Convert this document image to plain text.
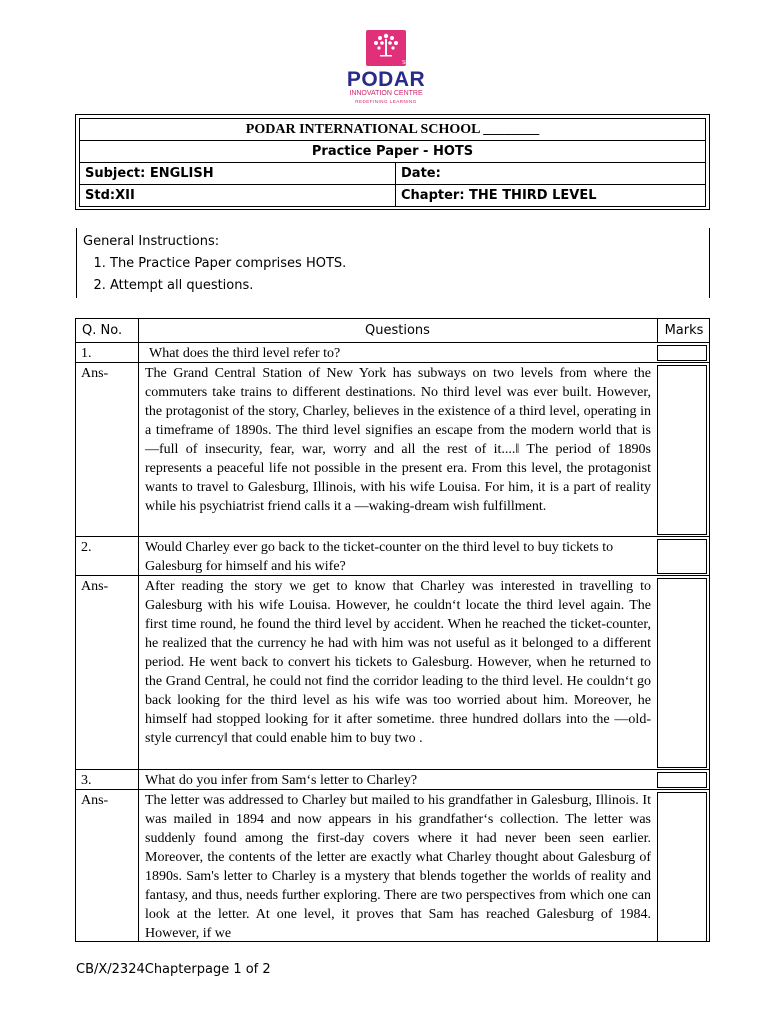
Since 1927
PODAR
INNOVATION CENTRE
REDEFINING LEARNING
PODAR INTERNATIONAL SCHOOL ________	
Practice Paper - HOTS	
Subject: ENGLISH	Date:
Std:XII	Chapter: THE THIRD LEVEL
General Instructions:
1. The Practice Paper comprises HOTS.
2. Attempt all questions.
Q. No.	Questions	Marks
1.	What does the third level refer to?
Ans-	The Grand Central Station of New York has subways on two levels from where the commuters take trains to different destinations. No third level was ever built. However, the protagonist of the story, Charley, believes in the existence of a third level, operating in a timeframe of 1890s. The third level signifies an escape from the modern world that is ―full of insecurity, fear, war, worry and all the rest of it....‖ The period of 1890s represents a peaceful life not possible in the present era. From this level, the protagonist wants to travel to Galesburg, Illinois, with his wife Louisa. For him, it is a part of reality while his psychiatrist friend calls it a ―waking-dream wish fulfillment.
2.	Would Charley ever go back to the ticket-counter on the third level to buy tickets to Galesburg for himself and his wife?
Ans-	After reading the story we get to know that Charley was interested in travelling to Galesburg with his wife Louisa. However, he couldn‘t locate the third level again. The first time round, he found the third level by accident. When he reached the ticket-counter, he realized that the currency he had with him was not useful as it belonged to a different period. He went back to convert his tickets to Galesburg. However, when he returned to the Grand Central, he could not find the corridor leading to the third level. He couldn‘t go back looking for the third level as his wife was too worried about him. Moreover, he himself had stopped looking for it after sometime. three hundred dollars into the ―old-style currency‖ that could enable him to buy two .
3.	What do you infer from Sam‘s letter to Charley?
Ans-	The letter was addressed to Charley but mailed to his grandfather in Galesburg, Illinois. It was mailed in 1894 and now appears in his grandfather‘s collection. The letter was suddenly found among the first-day covers where it had never been seen earlier. Moreover, the contents of the letter are exactly what Charley thought about Galesburg of 1890s. Sam's letter to Charley is a mystery that blends together the worlds of reality and fantasy, and thus, needs further exploring. There are two perspectives from which one can look at the letter. At one level, it proves that Sam has reached Galesburg of 1984. However, if we
CB/X/2324Chapterpage 1 of 2
